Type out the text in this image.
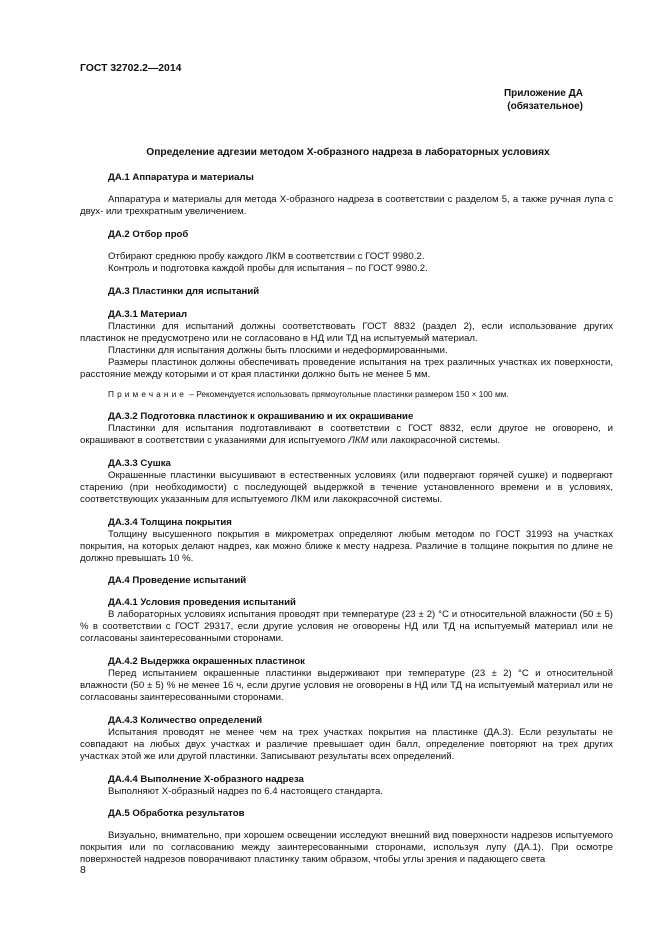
ГОСТ 32702.2—2014
Приложение ДА
(обязательное)
Определение адгезии методом X-образного надреза в лабораторных условиях
ДА.1 Аппаратура и материалы

Аппаратура и материалы для метода X-образного надреза в соответствии с разделом 5, а также ручная лупа с двух- или трехкратным увеличением.

ДА.2 Отбор проб

Отбирают среднюю пробу каждого ЛКМ в соответствии с ГОСТ 9980.2.

Контроль и подготовка каждой пробы для испытания – по ГОСТ 9980.2.

ДА.3 Пластинки для испытаний
ДА.3.1 Материал

Пластинки для испытаний должны соответствовать ГОСТ 8832 (раздел 2), если использование других пластинок не предусмотрено или не согласовано в НД или ТД на испытуемый материал.

Пластинки для испытания должны быть плоскими и недеформированными.

Размеры пластинок должны обеспечивать проведение испытания на трех различных участках их поверхности, расстояние между которыми и от края пластинки должно быть не менее 5 мм.

Примечание – Рекомендуется использовать прямоугольные пластинки размером 150 × 100 мм.
ДА.3.2 Подготовка пластинок к окрашиванию и их окрашивание

Пластинки для испытания подготавливают в соответствии с ГОСТ 8832, если другое не оговорено, и окрашивают в соответствии с указаниями для испытуемого ЛКМ или лакокрасочной системы.

ДА.3.3 Сушка

Окрашенные пластинки высушивают в естественных условиях (или подвергают горячей сушке) и подвергают старению (при необходимости) с последующей выдержкой в течение установленного времени и в условиях, соответствующих указанным для испытуемого ЛКМ или лакокрасочной системы.

ДА.3.4 Толщина покрытия

Толщину высушенного покрытия в микрометрах определяют любым методом по ГОСТ 31993 на участках покрытия, на которых делают надрез, как можно ближе к месту надреза. Различие в толщине покрытия по длине не должно превышать 10 %.

ДА.4 Проведение испытаний
ДА.4.1 Условия проведения испытаний

В лабораторных условиях испытания проводят при температуре (23 ± 2) °С и относительной влажности (50 ± 5) % в соответствии с ГОСТ 29317, если другие условия не оговорены НД или ТД на испытуемый материал или не согласованы заинтересованными сторонами.

ДА.4.2 Выдержка окрашенных пластинок

Перед испытанием окрашенные пластинки выдерживают при температуре (23 ± 2) °С и относительной влажности (50 ± 5) % не менее 16 ч, если другие условия не оговорены в НД или ТД на испытуемый материал или не согласованы заинтересованными сторонами.

ДА.4.3 Количество определений

Испытания проводят не менее чем на трех участках покрытия на пластинке (ДА.3). Если результаты не совпадают на любых двух участках и различие превышает один балл, определение повторяют на трех других участках этой же или другой пластинки. Записывают результаты всех определений.

ДА.4.4 Выполнение X-образного надреза

Выполняют X-образный надрез по 6.4 настоящего стандарта.

ДА.5 Обработка результатов

Визуально, внимательно, при хорошем освещении исследуют внешний вид поверхности надрезов испытуемого покрытия или по согласованию между заинтересованными сторонами, используя лупу (ДА.1). При осмотре поверхностей надрезов поворачивают пластинку таким образом, чтобы углы зрения и падающего света

8
